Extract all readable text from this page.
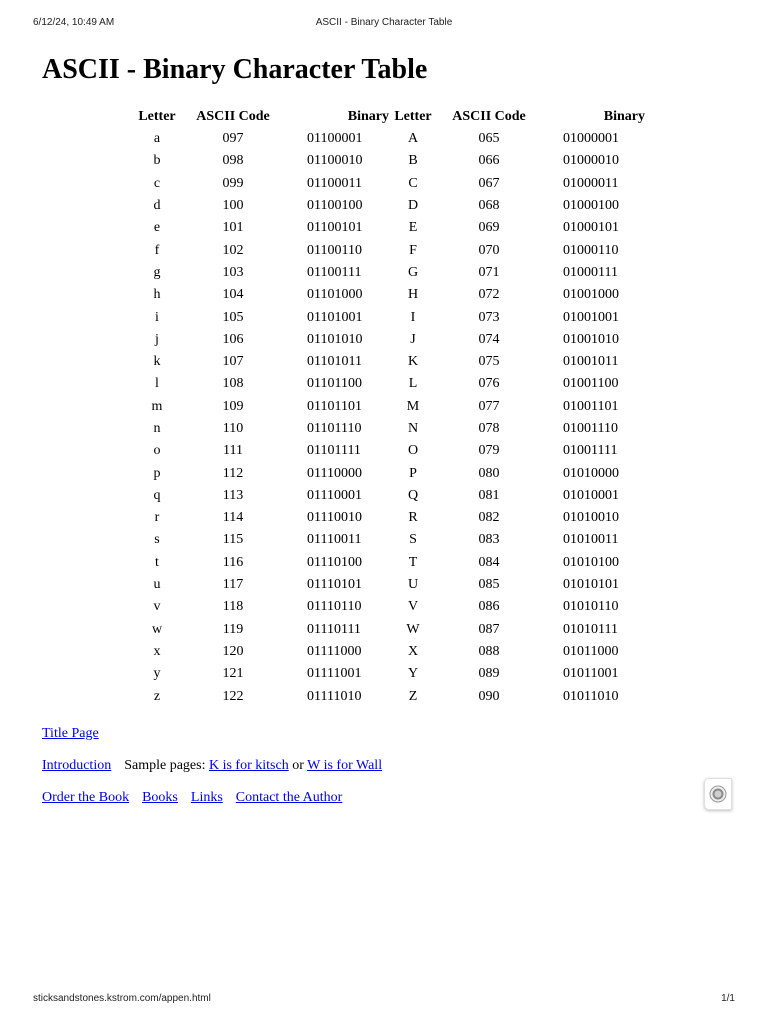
6/12/24, 10:49 AM	ASCII - Binary Character Table
ASCII - Binary Character Table
Letter	ASCII Code	Binary	Letter	ASCII Code	Binary
a	097	01100001	A	065	01000001
b	098	01100010	B	066	01000010
c	099	01100011	C	067	01000011
d	100	01100100	D	068	01000100
e	101	01100101	E	069	01000101
f	102	01100110	F	070	01000110
g	103	01100111	G	071	01000111
h	104	01101000	H	072	01001000
i	105	01101001	I	073	01001001
j	106	01101010	J	074	01001010
k	107	01101011	K	075	01001011
l	108	01101100	L	076	01001100
m	109	01101101	M	077	01001101
n	110	01101110	N	078	01001110
o	111	01101111	O	079	01001111
p	112	01110000	P	080	01010000
q	113	01110001	Q	081	01010001
r	114	01110010	R	082	01010010
s	115	01110011	S	083	01010011
t	116	01110100	T	084	01010100
u	117	01110101	U	085	01010101
v	118	01110110	V	086	01010110
w	119	01110111	W	087	01010111
x	120	01111000	X	088	01011000
y	121	01111001	Y	089	01011001
z	122	01111010	Z	090	01011010
Title Page
Introduction Sample pages: K is for kitsch or W is for Wall
Order the Book Books Links Contact the Author
sticksandstones.kstrom.com/appen.html	1/1
